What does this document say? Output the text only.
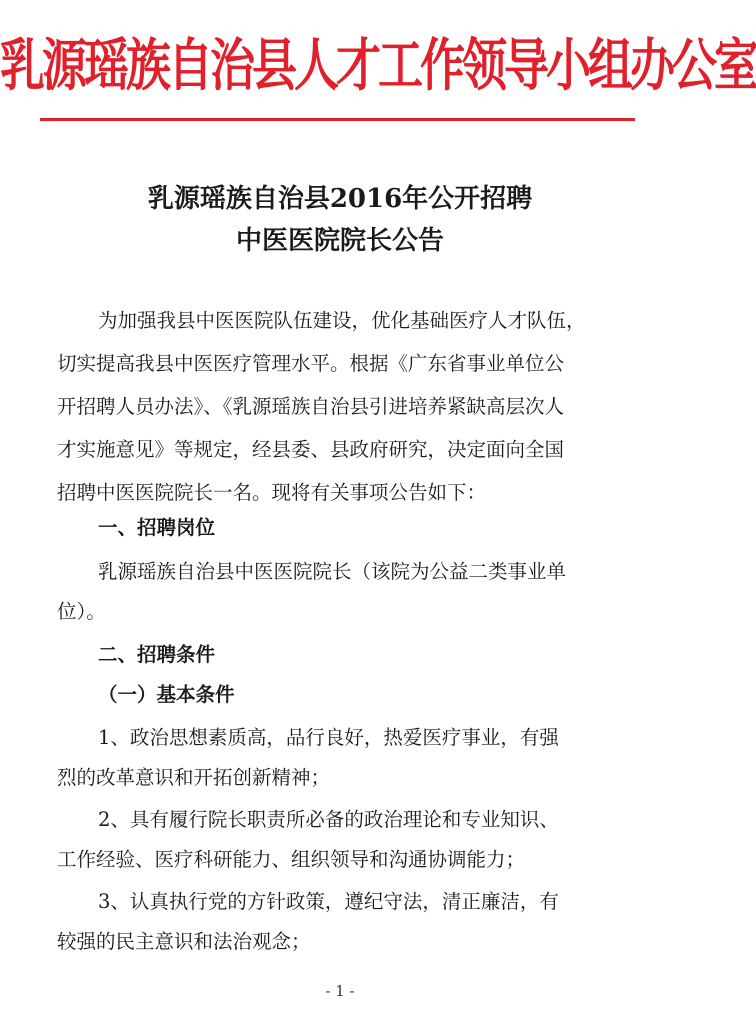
乳源瑶族自治县人才工作领导小组办公室
乳源瑶族自治县2016年公开招聘
中医医院院长公告
为加强我县中医医院队伍建设，优化基础医疗人才队伍，
切实提高我县中医医疗管理水平。根据《广东省事业单位公
开招聘人员办法》、《乳源瑶族自治县引进培养紧缺高层次人
才实施意见》等规定，经县委、县政府研究，决定面向全国
招聘中医医院院长一名。现将有关事项公告如下：
一、招聘岗位
乳源瑶族自治县中医医院院长（该院为公益二类事业单
位）。
二、招聘条件
（一）基本条件
1、政治思想素质高，品行良好，热爱医疗事业，有强
烈的改革意识和开拓创新精神；
2、具有履行院长职责所必备的政治理论和专业知识、
工作经验、医疗科研能力、组织领导和沟通协调能力；
3、认真执行党的方针政策，遵纪守法，清正廉洁，有
较强的民主意识和法治观念；
- 1 -
